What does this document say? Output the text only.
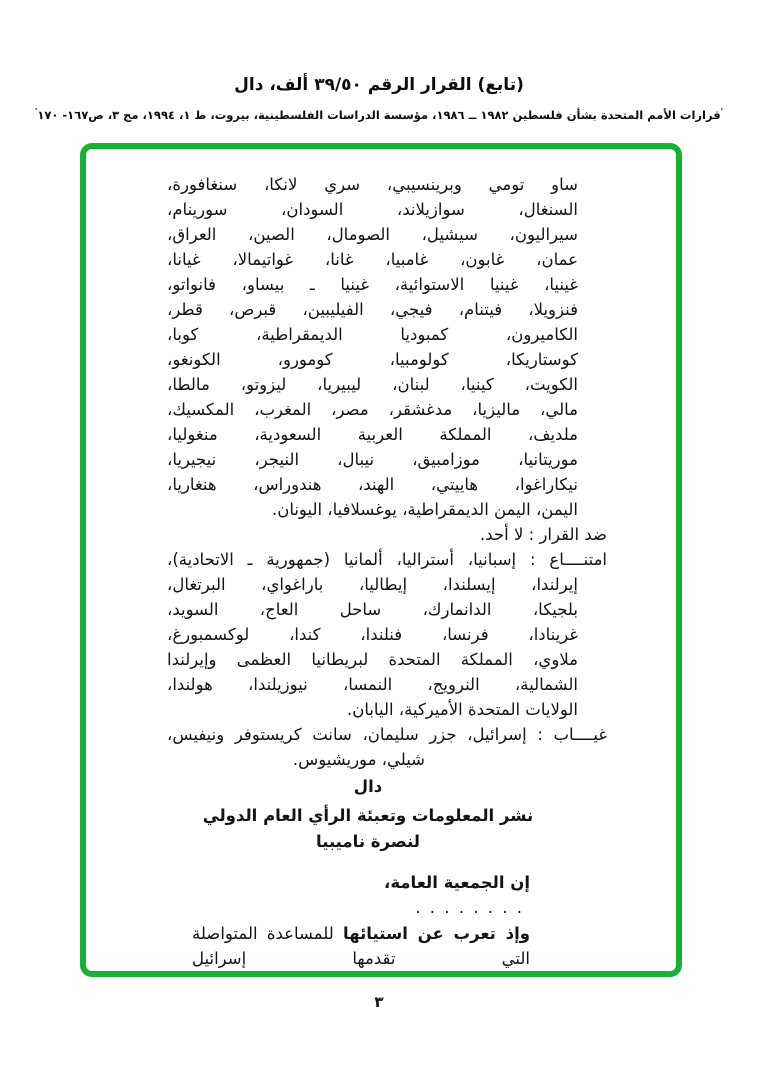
(تابع) القرار الرقم ٣٩/٥٠ ألف، دال
'قرارات الأمم المتحدة بشأن فلسطين ١٩٨٢ ــ ١٩٨٦، مؤسسة الدراسات الفلسطينية، بيروت، ط ١، ١٩٩٤، مج ٣، ص١٦٧- ١٧٠'
ساو تومي وبرينسيبي، سري لانكا، سنغافورة،
السنغال، سوازيلاند، السودان، سورينام،
سيراليون، سيشيل، الصومال، الصين، العراق،
عمان، غابون، غامبيا، غانا، غواتيمالا، غيانا،
غينيا، غينيا الاستوائية، غينيا ـ بيساو، فانواتو،
فنزويلا، فيتنام، فيجي، الفيليبين، قبرص، قطر،
الكاميرون، كمبوديا الديمقراطية، كوبا،
كوستاريكا، كولومبيا، كومورو، الكونغو،
الكويت، كينيا، لبنان، ليبيريا، ليزوتو، مالطا،
مالي، ماليزيا، مدغشقر، مصر، المغرب، المكسيك،
ملديف، المملكة العربية السعودية، منغوليا،
موريتانيا، موزامبيق، نيبال، النيجر، نيجيريا،
نيكاراغوا، هاييتي، الهند، هندوراس، هنغاريا،
اليمن، اليمن الديمقراطية، يوغسلافيا، اليونان.
ضد القرار : لا أحد.
امتنــــاع : إسبانيا، أستراليا، ألمانيا (جمهورية ـ الاتحادية)،
إيرلندا، إيسلندا، إيطاليا، باراغواي، البرتغال،
بلجيكا، الدانمارك، ساحل العاج، السويد،
غرينادا، فرنسا، فنلندا، كندا، لوكسمبورغ،
ملاوي، المملكة المتحدة لبريطانيا العظمى وإيرلندا
الشمالية، النرويج، النمسا، نيوزيلندا، هولندا،
الولايات المتحدة الأميركية، اليابان.
غيــــاب : إسرائيل، جزر سليمان، سانت كريستوفر ونيفيس،
شيلي، موريشيوس.
دال
نشر المعلومات وتعبئة الرأي العام الدولي
لنصرة ناميبيا
إن الجمعية العامة،
. . . . . . . .
وإذ تعرب عن استيائها للمساعدة المتواصلة التي تقدمها إسرائيل
٣
